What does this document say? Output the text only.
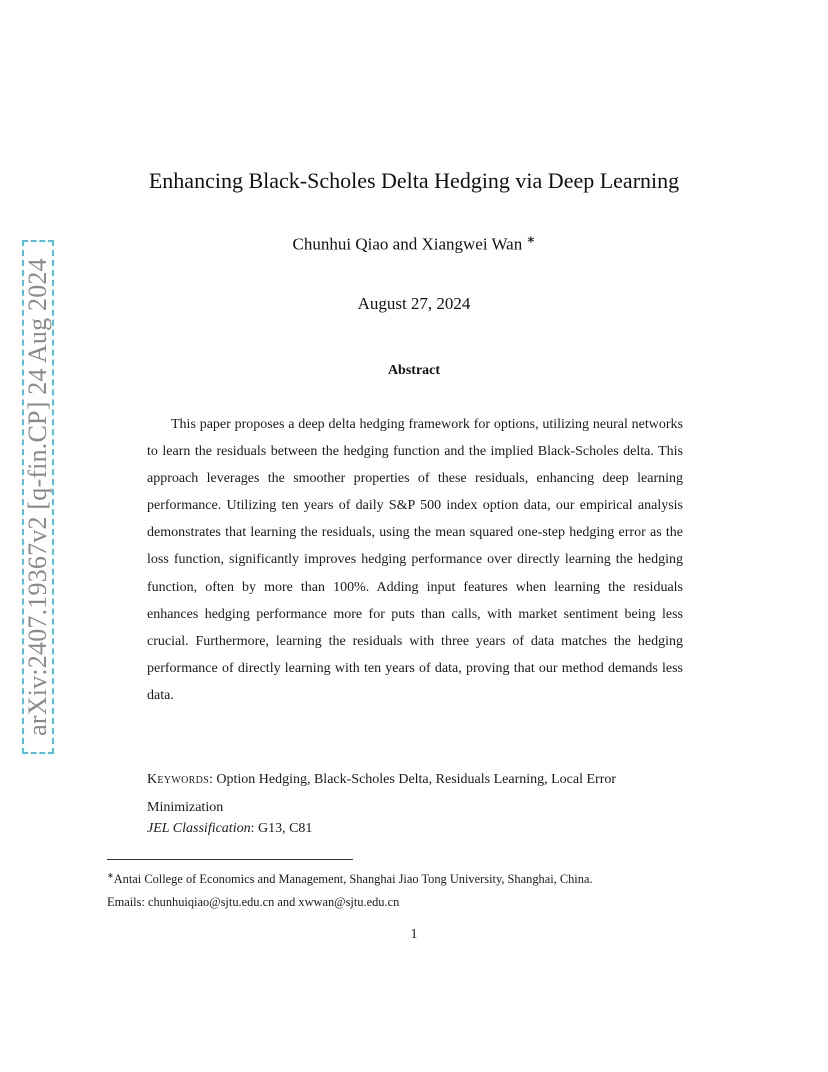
arXiv:2407.19367v2 [q-fin.CP] 24 Aug 2024
Enhancing Black-Scholes Delta Hedging via Deep Learning
Chunhui Qiao and Xiangwei Wan ∗
August 27, 2024
Abstract

This paper proposes a deep delta hedging framework for options, utilizing neural networks to learn the residuals between the hedging function and the implied Black-Scholes delta. This approach leverages the smoother properties of these residuals, enhancing deep learning performance. Utilizing ten years of daily S&P 500 index option data, our empirical analysis demonstrates that learning the residuals, using the mean squared one-step hedging error as the loss function, significantly improves hedging performance over directly learning the hedging function, often by more than 100%. Adding input features when learning the residuals enhances hedging performance more for puts than calls, with market sentiment being less crucial. Furthermore, learning the residuals with three years of data matches the hedging performance of directly learning with ten years of data, proving that our method demands less data.

Keywords: Option Hedging, Black-Scholes Delta, Residuals Learning, Local Error Minimization
JEL Classification: G13, C81
∗Antai College of Economics and Management, Shanghai Jiao Tong University, Shanghai, China.
Emails: chunhuiqiao@sjtu.edu.cn and xwwan@sjtu.edu.cn
1
